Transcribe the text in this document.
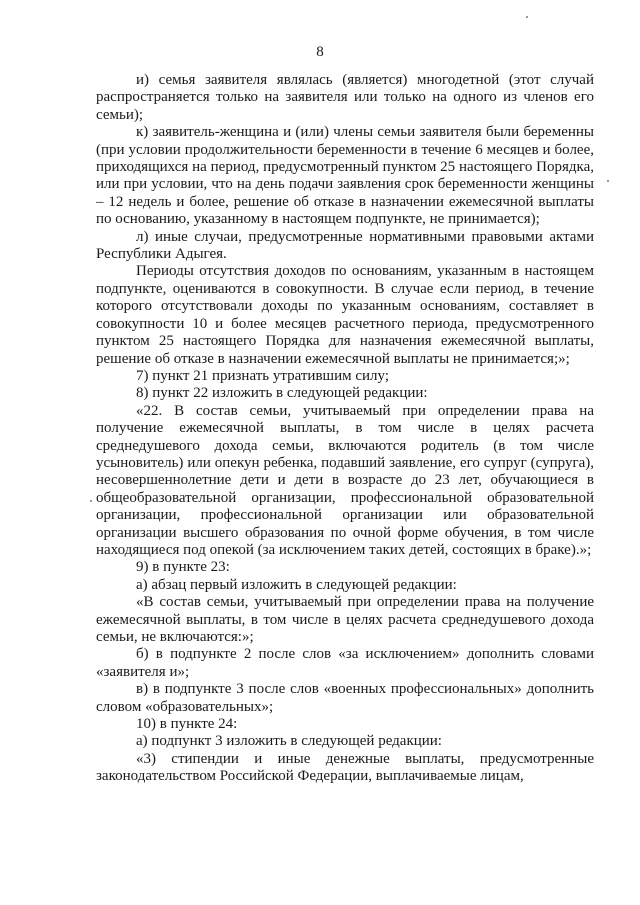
8

и) семья заявителя являлась (является) многодетной (этот случай распространяется только на заявителя или только на одного из членов его семьи);

к) заявитель-женщина и (или) члены семьи заявителя были беременны (при условии продолжительности беременности в течение 6 месяцев и более, приходящихся на период, предусмотренный пунктом 25 настоящего Порядка, или при условии, что на день подачи заявления срок беременности женщины – 12 недель и более, решение об отказе в назначении ежемесячной выплаты по основанию, указанному в настоящем подпункте, не принимается);

л) иные случаи, предусмотренные нормативными правовыми актами Республики Адыгея.

Периоды отсутствия доходов по основаниям, указанным в настоящем подпункте, оцениваются в совокупности. В случае если период, в течение которого отсутствовали доходы по указанным основаниям, составляет в совокупности 10 и более месяцев расчетного периода, предусмотренного пунктом 25 настоящего Порядка для назначения ежемесячной выплаты, решение об отказе в назначении ежемесячной выплаты не принимается;»;

7) пункт 21 признать утратившим силу;

8) пункт 22 изложить в следующей редакции:

«22. В состав семьи, учитываемый при определении права на получение ежемесячной выплаты, в том числе в целях расчета среднедушевого дохода семьи, включаются родитель (в том числе усыновитель) или опекун ребенка, подавший заявление, его супруг (супруга), несовершеннолетние дети и дети в возрасте до 23 лет, обучающиеся в общеобразовательной организации, профессиональной образовательной организации, профессиональной организации или образовательной организации высшего образования по очной форме обучения, в том числе находящиеся под опекой (за исключением таких детей, состоящих в браке).»;

9) в пункте 23:

а) абзац первый изложить в следующей редакции:

«В состав семьи, учитываемый при определении права на получение ежемесячной выплаты, в том числе в целях расчета среднедушевого дохода семьи, не включаются:»;

б) в подпункте 2 после слов «за исключением» дополнить словами «заявителя и»;

в) в подпункте 3 после слов «военных профессиональных» дополнить словом «образовательных»;

10) в пункте 24:

а) подпункт 3 изложить в следующей редакции:

«3) стипендии и иные денежные выплаты, предусмотренные законодательством Российской Федерации, выплачиваемые лицам,
